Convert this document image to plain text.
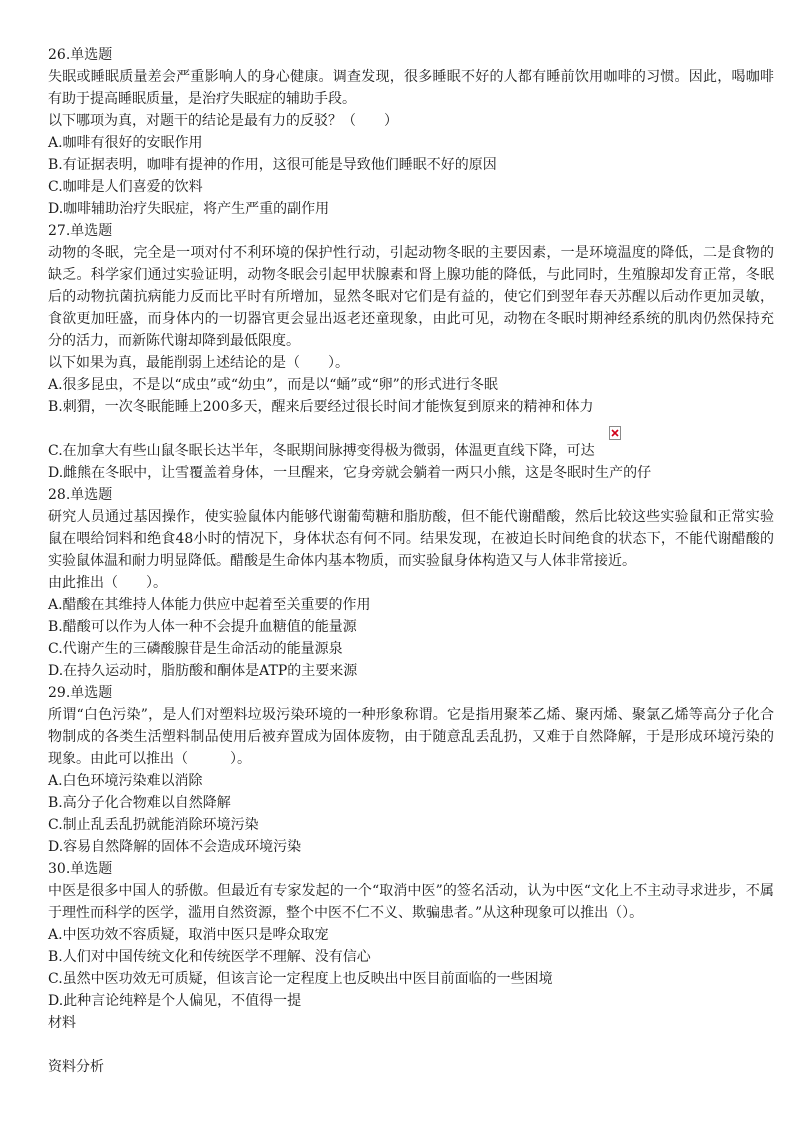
26.单选题

失眠或睡眠质量差会严重影响人的身心健康。调查发现，很多睡眠不好的人都有睡前饮用咖啡的习惯。因此，喝咖啡有助于提高睡眠质量，是治疗失眠症的辅助手段。

以下哪项为真，对题干的结论是最有力的反驳？（　　）

A.咖啡有很好的安眠作用

B.有证据表明，咖啡有提神的作用，这很可能是导致他们睡眠不好的原因

C.咖啡是人们喜爱的饮料

D.咖啡辅助治疗失眠症，将产生严重的副作用

27.单选题

动物的冬眠，完全是一项对付不利环境的保护性行动，引起动物冬眠的主要因素，一是环境温度的降低，二是食物的缺乏。科学家们通过实验证明，动物冬眠会引起甲状腺素和肾上腺功能的降低，与此同时，生殖腺却发育正常，冬眠后的动物抗菌抗病能力反而比平时有所增加，显然冬眠对它们是有益的，使它们到翌年春天苏醒以后动作更加灵敏，食欲更加旺盛，而身体内的一切器官更会显出返老还童现象，由此可见，动物在冬眠时期神经系统的肌肉仍然保持充分的活力，而新陈代谢却降到最低限度。

以下如果为真，最能削弱上述结论的是（　　）。

A.很多昆虫，不是以“成虫”或“幼虫”，而是以“蛹”或“卵”的形式进行冬眠

B.刺猬，一次冬眠能睡上200多天，醒来后要经过很长时间才能恢复到原来的精神和体力

C.在加拿大有些山鼠冬眠长达半年，冬眠期间脉搏变得极为微弱，体温更直线下降，可达

D.雌熊在冬眠中，让雪覆盖着身体，一旦醒来，它身旁就会躺着一两只小熊，这是冬眠时生产的仔

28.单选题

研究人员通过基因操作，使实验鼠体内能够代谢葡萄糖和脂肪酸，但不能代谢醋酸，然后比较这些实验鼠和正常实验鼠在喂给饲料和绝食48小时的情况下，身体状态有何不同。结果发现，在被迫长时间绝食的状态下，不能代谢醋酸的实验鼠体温和耐力明显降低。醋酸是生命体内基本物质，而实验鼠身体构造又与人体非常接近。

由此推出（　　）。

A.醋酸在其维持人体能力供应中起着至关重要的作用

B.醋酸可以作为人体一种不会提升血糖值的能量源

C.代谢产生的三磷酸腺苷是生命活动的能量源泉

D.在持久运动时，脂肪酸和酮体是ATP的主要来源

29.单选题

所谓“白色污染”，是人们对塑料垃圾污染环境的一种形象称谓。它是指用聚苯乙烯、聚丙烯、聚氯乙烯等高分子化合物制成的各类生活塑料制品使用后被弃置成为固体废物，由于随意乱丢乱扔，又难于自然降解，于是形成环境污染的现象。由此可以推出（　　　）。

A.白色环境污染难以消除

B.高分子化合物难以自然降解

C.制止乱丢乱扔就能消除环境污染

D.容易自然降解的固体不会造成环境污染

30.单选题

中医是很多中国人的骄傲。但最近有专家发起的一个“取消中医”的签名活动，认为中医“文化上不主动寻求进步，不属于理性而科学的医学，滥用自然资源，整个中医不仁不义、欺骗患者。”从这种现象可以推出（）。

A.中医功效不容质疑，取消中医只是哗众取宠

B.人们对中国传统文化和传统医学不理解、没有信心

C.虽然中医功效无可质疑，但该言论一定程度上也反映出中医目前面临的一些困境

D.此种言论纯粹是个人偏见，不值得一提

材料

资料分析
